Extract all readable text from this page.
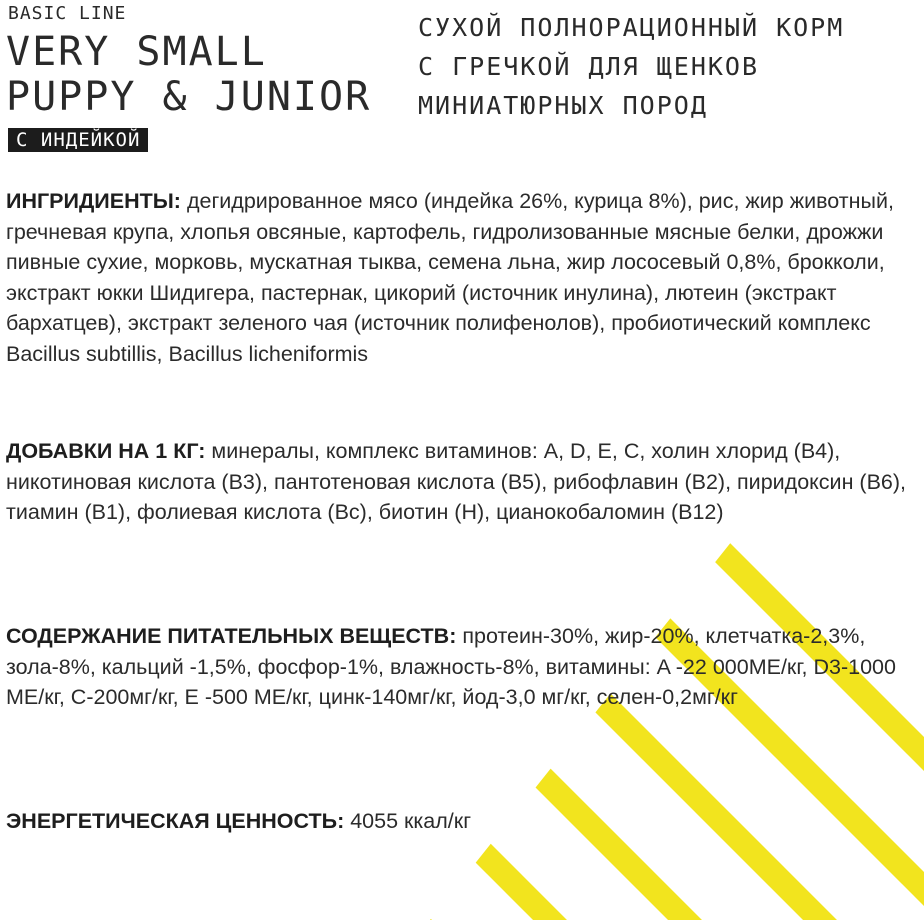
BASIC LINE
VERY SMALL
PUPPY & JUNIOR
С ИНДЕЙКОЙ
СУХОЙ ПОЛНОРАЦИОННЫЙ КОРМ
С ГРЕЧКОЙ ДЛЯ ЩЕНКОВ
МИНИАТЮРНЫХ ПОРОД

ИНГРИДИЕНТЫ: дегидрированное мясо (индейка 26%, курица 8%), рис, жир животный, гречневая крупа, хлопья овсяные, картофель, гидролизованные мясные белки, дрожжи пивные сухие, морковь, мускатная тыква, семена льна, жир лососевый 0,8%, брокколи, экстракт юкки Шидигера, пастернак, цикорий (источник инулина), лютеин (экстракт бархатцев), экстракт зеленого чая (источник полифенолов), пробиотический комплекс Bacillus subtillis, Bacillus licheniformis

ДОБАВКИ НА 1 КГ: минералы, комплекс витаминов: A, D, E, C, холин хлорид (B4), никотиновая кислота (B3), пантотеновая кислота (B5), рибофлавин (B2), пиридоксин (B6), тиамин (B1), фолиевая кислота (Bc), биотин (H), цианокобаломин (B12)

СОДЕРЖАНИЕ ПИТАТЕЛЬНЫХ ВЕЩЕСТВ: протеин-30%, жир-20%, клетчатка-2,3%, зола-8%, кальций -1,5%, фосфор-1%, влажность-8%, витамины: A -22 000МЕ/кг, D3-1000 МЕ/кг, C-200мг/кг, E -500 МЕ/кг, цинк-140мг/кг, йод-3,0 мг/кг, селен-0,2мг/кг

ЭНЕРГЕТИЧЕСКАЯ ЦЕННОСТЬ: 4055 ккал/кг
